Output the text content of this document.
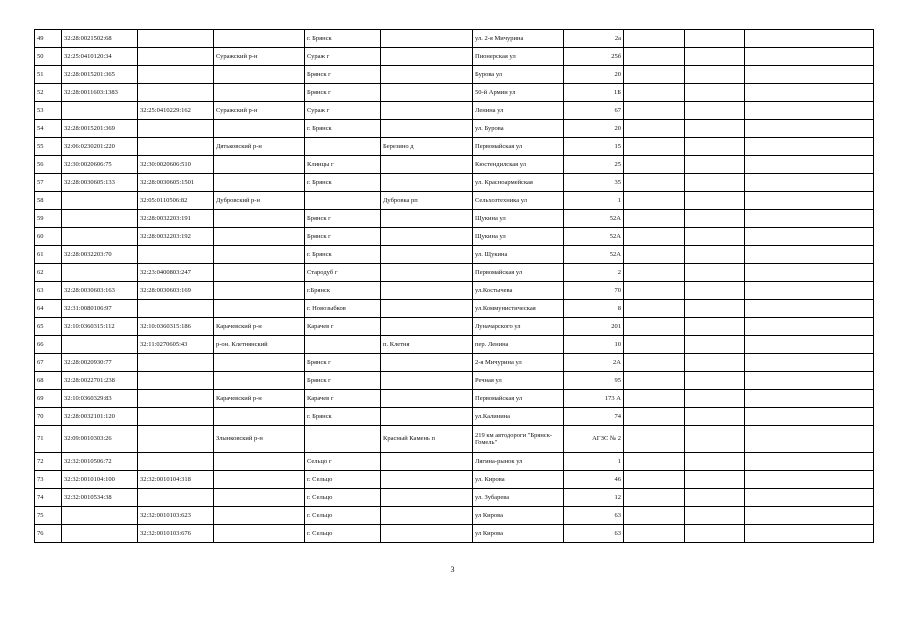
49	32:28:0021502:68			г. Брянск		ул. 2-я Мичурина	2а			
50	32:25:0410120:34		Суражский р-н	Сураж г		Пионерская ул	25б			
51	32:28:0015201:365			Брянск г		Бурова ул	20			
52	32:28:0011603:1383			Брянск г		50-й Армии ул	1Б			
53		32:25:0410229:162	Суражский р-н	Сураж г		Ленина ул	67			
54	32:28:0015201:369			г. Брянск		ул. Бурова	20			
55	32:06:0230201:220		Дятьковский р-н		Березино д	Первомайская ул	15			
56	32:30:0020606:75	32:30:0020606:510		Клинцы г		Кюстендилская ул	25			
57	32:28:0030605:133	32:28:0030605:1501		г. Брянск		ул. Красноармейская	35			
58		32:05:0110506:82	Дубровский р-н		Дубровка рп	Сельхозтехника ул	1			
59		32:28:0032203:191		Брянск г		Щукина ул	52А			
60		32:28:0032203:192		Брянск г		Щукина ул	52А			
61	32:28:0032203:70			г. Брянск		ул. Щукина	52А			
62		32:23:0400803:247		Стародуб г		Первомайская ул	2			
63	32:28:0030603:163	32:28:0030603:169		г.Брянск		ул.Костычева	70			
64	32:31:0080106:97			г. Новозыбков		ул.Коммунистическая	8			
65	32:10:0360315:112	32:10:0360315:186	Карачевский р-н	Карачев г		Луначарского ул	201			
66		32:11:0270605:43	р-он. Клетнянский		п. Клетня	пер. Ленина	10			
67	32:28:0020930:77			Брянск г		2-я Мичурина ул	2А			
68	32:28:0022701:238			Брянск г		Речная ул	95			
69	32:10:0360329:83		Карачевский р-н	Карачев г		Первомайская ул	173 А			
70	32:28:0032101:120			г. Брянск		ул.Калинина	74			
71	32:09:0010303:26		Злынковский р-н		Красный Камень п	219 км автодороги "Брянск-Гомель"	АГЗС № 2			
72	32:32:0010506:72			Сельцо г		Лягина-рынок ул	1			
73	32:32:0010104:100	32:32:0010104:318		г. Сельцо		ул. Кирова	46			
74	32:32:0010534:38			г. Сельцо		ул. Зубарева	12			
75		32:32:0010103:623		г. Сельцо		ул Кирова	63			
76		32:32:0010103:676		г. Сельцо		ул Кирова	63			
3
